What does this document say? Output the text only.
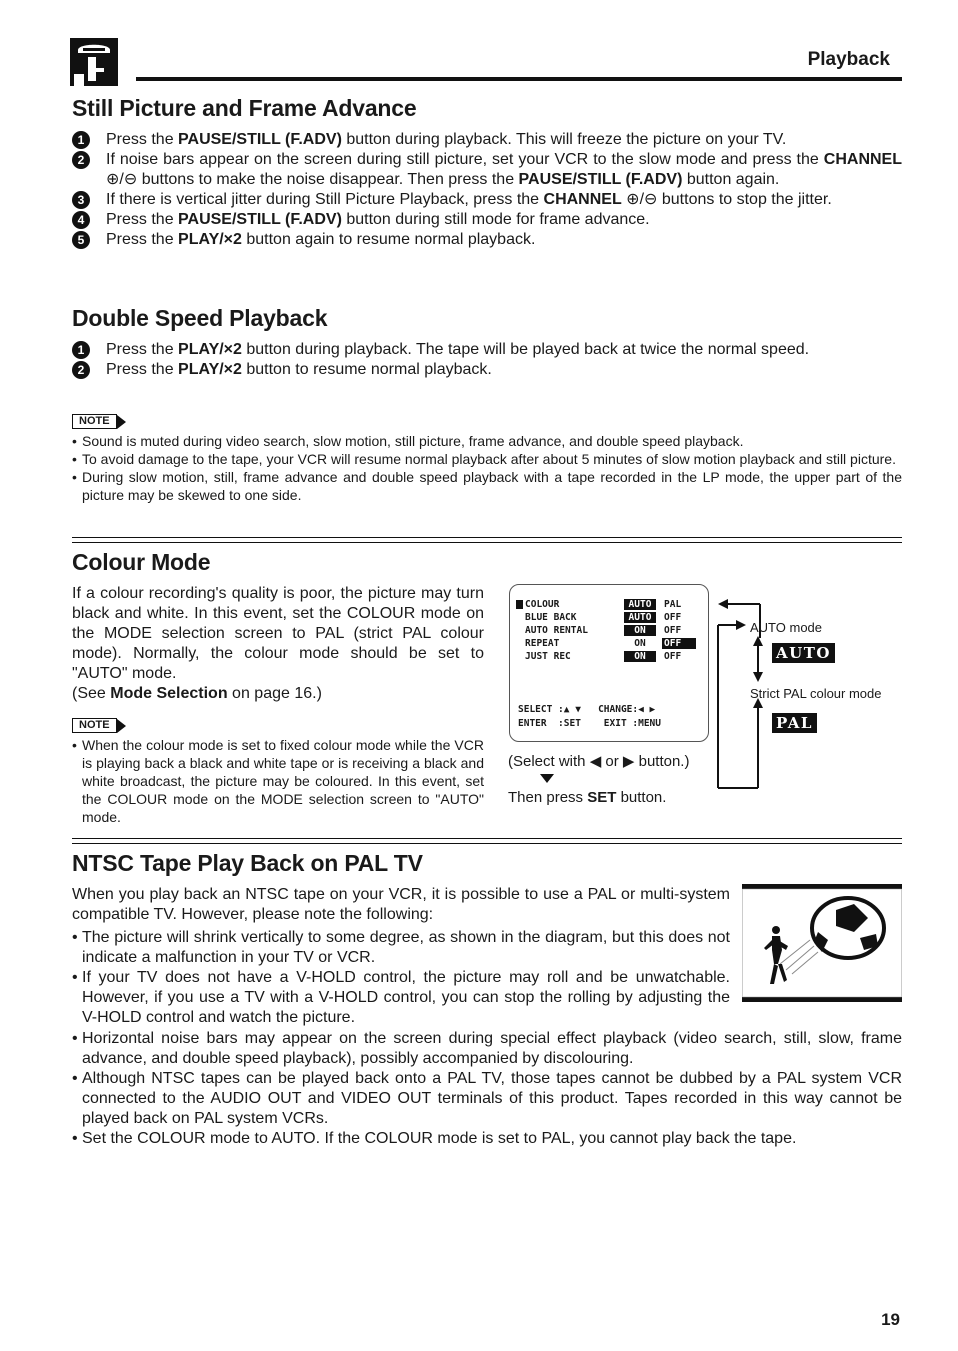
Playback
Still Picture and Frame Advance
1	Press the PAUSE/STILL (F.ADV) button during playback. This will freeze the picture on your TV.
2	If noise bars appear on the screen during still picture, set your VCR to the slow mode and press the CHANNEL ⊕/⊖ buttons to make the noise disappear. Then press the PAUSE/STILL (F.ADV) button again.
3	If there is vertical jitter during Still Picture Playback, press the CHANNEL ⊕/⊖ buttons to stop the jitter.
4	Press the PAUSE/STILL (F.ADV) button during still mode for frame advance.
5	Press the PLAY/×2 button again to resume normal playback.
Double Speed Playback
1	Press the PLAY/×2 button during playback. The tape will be played back at twice the normal speed.
2	Press the PLAY/×2 button to resume normal playback.
NOTE
• Sound is muted during video search, slow motion, still picture, frame advance, and double speed playback.
• To avoid damage to the tape, your VCR will resume normal playback after about 5 minutes of slow motion playback and still picture.
• During slow motion, still, frame advance and double speed playback with a tape recorded in the LP mode, the upper part of the picture may be skewed to one side.
Colour Mode
If a colour recording's quality is poor, the picture may turn black and white. In this event, set the COLOUR mode on the MODE selection screen to PAL (strict PAL colour mode). Normally, the colour mode should be set to "AUTO" mode.
(See Mode Selection on page 16.)
NOTE
• When the colour mode is set to fixed colour mode while the VCR is playing back a black and white tape or is receiving a black and white broadcast, the picture may be coloured. In this event, set the COLOUR mode on the MODE selection screen to "AUTO" mode.
COLOUR	AUTO	PAL
BLUE BACK	AUTO	OFF
AUTO RENTAL	ON	OFF
REPEAT	ON	OFF
JUST REC	ON	OFF
SELECT :▲ ▼   CHANGE:◀ ▶
ENTER  :SET    EXIT :MENU
(Select with ◀ or ▶ button.)
Then press SET button.
AUTO mode
AUTO
Strict PAL colour mode
PAL
NTSC Tape Play Back on PAL TV
When you play back an NTSC tape on your VCR, it is possible to use a PAL or multi-system compatible TV. However, please note the following:
• The picture will shrink vertically to some degree, as shown in the diagram, but this does not indicate a malfunction in your TV or VCR.
• If your TV does not have a V-HOLD control, the picture may roll and be unwatchable. However, if you use a TV with a V-HOLD control, you can stop the rolling by adjusting the V-HOLD control and watch the picture.
• Horizontal noise bars may appear on the screen during special effect playback (video search, still, slow, frame advance, and double speed playback), possibly accompanied by discolouring.
• Although NTSC tapes can be played back onto a PAL TV, those tapes cannot be dubbed by a PAL system VCR connected to the AUDIO OUT and VIDEO OUT terminals of this product. Tapes recorded in this way cannot be played back on PAL system VCRs.
• Set the COLOUR mode to AUTO. If the COLOUR mode is set to PAL, you cannot play back the tape.
19
